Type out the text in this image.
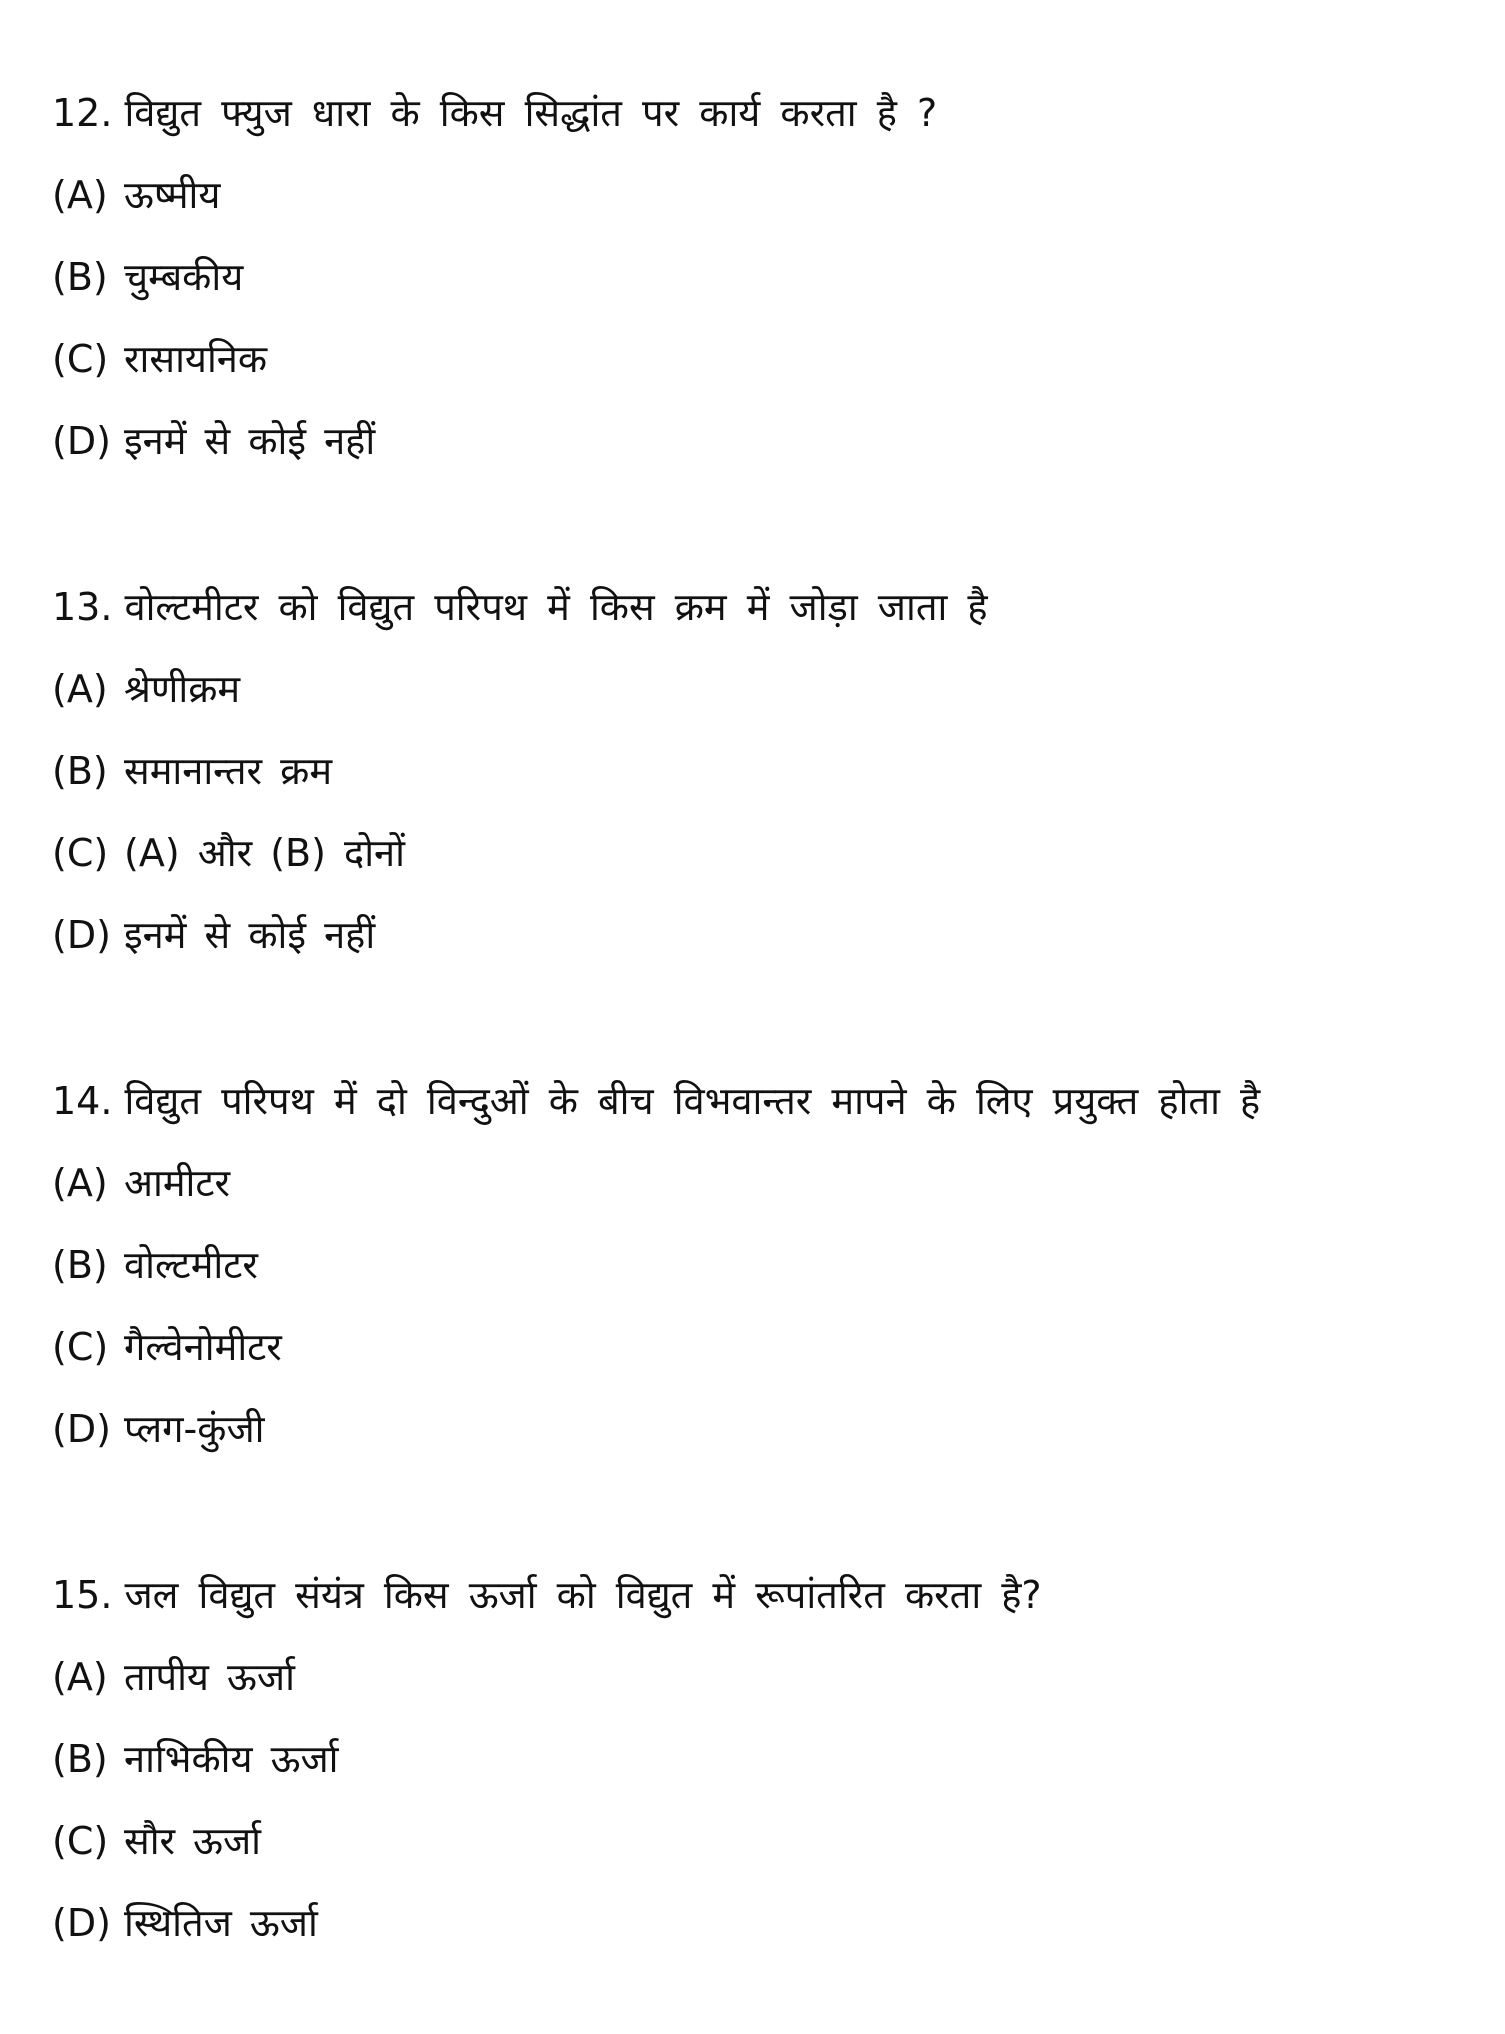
12. विद्युत फ्युज धारा के किस सिद्धांत पर कार्य करता है ?
(A) ऊष्मीय
(B) चुम्बकीय
(C) रासायनिक
(D) इनमें से कोई नहीं
13. वोल्टमीटर को विद्युत परिपथ में किस क्रम में जोड़ा जाता है
(A) श्रेणीक्रम
(B) समानान्तर क्रम
(C) (A) और (B) दोनों
(D) इनमें से कोई नहीं
14. विद्युत परिपथ में दो विन्दुओं के बीच विभवान्तर मापने के लिए प्रयुक्त होता है
(A) आमीटर
(B) वोल्टमीटर
(C) गैल्वेनोमीटर
(D) प्लग-कुंजी
15. जल विद्युत संयंत्र किस ऊर्जा को विद्युत में रूपांतरित करता है?
(A) तापीय ऊर्जा
(B) नाभिकीय ऊर्जा
(C) सौर ऊर्जा
(D) स्थितिज ऊर्जा
